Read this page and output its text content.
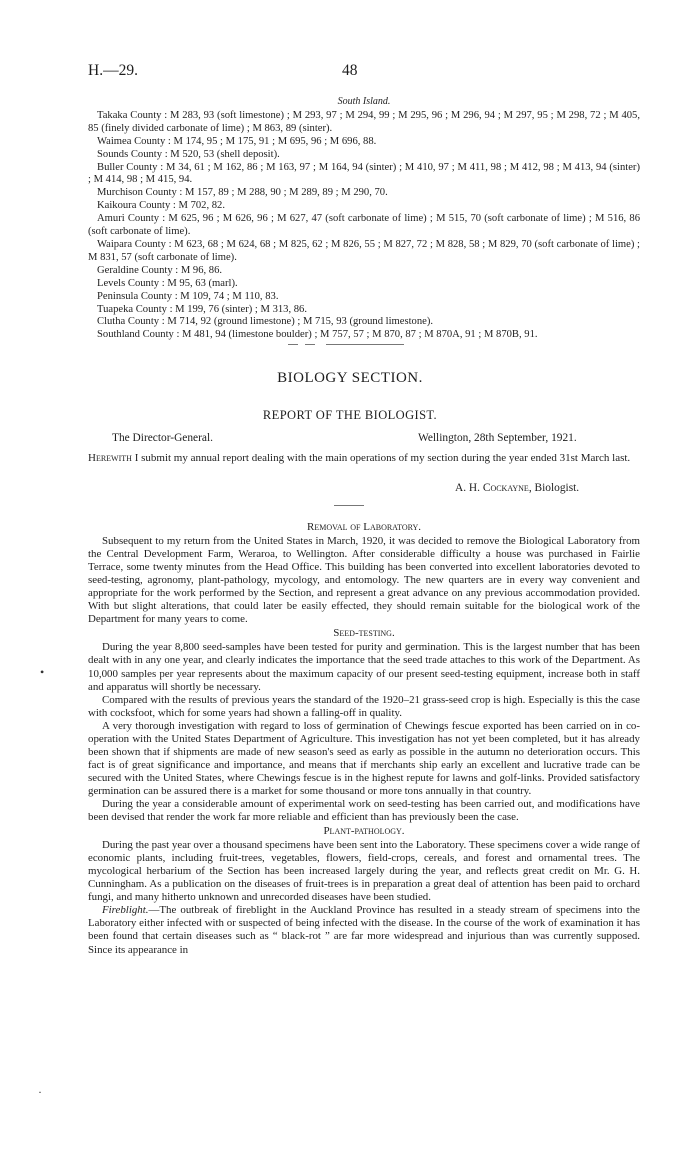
H.—29.	48
South Island.

Takaka County : M 283, 93 (soft limestone) ; M 293, 97 ; M 294, 99 ; M 295, 96 ; M 296, 94 ; M 297, 95 ; M 298, 72 ; M 405, 85 (finely divided carbonate of lime) ; M 863, 89 (sinter).

Waimea County : M 174, 95 ; M 175, 91 ; M 695, 96 ; M 696, 88.

Sounds County : M 520, 53 (shell deposit).

Buller County : M 34, 61 ; M 162, 86 ; M 163, 97 ; M 164, 94 (sinter) ; M 410, 97 ; M 411, 98 ; M 412, 98 ; M 413, 94 (sinter) ; M 414, 98 ; M 415, 94.

Murchison County : M 157, 89 ; M 288, 90 ; M 289, 89 ; M 290, 70.

Kaikoura County : M 702, 82.

Amuri County : M 625, 96 ; M 626, 96 ; M 627, 47 (soft carbonate of lime) ; M 515, 70 (soft carbonate of lime) ; M 516, 86 (soft carbonate of lime).

Waipara County : M 623, 68 ; M 624, 68 ; M 825, 62 ; M 826, 55 ; M 827, 72 ; M 828, 58 ; M 829, 70 (soft carbonate of lime) ; M 831, 57 (soft carbonate of lime).

Geraldine County : M 96, 86.

Levels County : M 95, 63 (marl).

Peninsula County : M 109, 74 ; M 110, 83.

Tuapeka County : M 199, 76 (sinter) ; M 313, 86.

Clutha County : M 714, 92 (ground limestone) ; M 715, 93 (ground limestone).

Southland County : M 481, 94 (limestone boulder) ; M 757, 57 ; M 870, 87 ; M 870A, 91 ; M 870B, 91.

BIOLOGY SECTION.
REPORT OF THE BIOLOGIST.
The Director-General.	Wellington, 28th September, 1921.

Herewith I submit my annual report dealing with the main operations of my section during the year ended 31st March last.

A. H. Cockayne, Biologist.
Removal of Laboratory.

Subsequent to my return from the United States in March, 1920, it was decided to remove the Biological Laboratory from the Central Development Farm, Weraroa, to Wellington. After considerable difficulty a house was purchased in Fairlie Terrace, some twenty minutes from the Head Office. This building has been converted into excellent laboratories devoted to seed-testing, agronomy, plant-pathology, mycology, and entomology. The new quarters are in every way convenient and appropriate for the work performed by the Section, and represent a great advance on any previous accommodation provided. With but slight alterations, that could later be easily effected, they should remain suitable for the biological work of the Department for many years to come.

Seed-testing.

During the year 8,800 seed-samples have been tested for purity and germination. This is the largest number that has been dealt with in any one year, and clearly indicates the importance that the seed trade attaches to this work of the Department. As 10,000 samples per year represents about the maximum capacity of our present seed-testing equipment, increase both in staff and apparatus will shortly be necessary.

Compared with the results of previous years the standard of the 1920–21 grass-seed crop is high. Especially is this the case with cocksfoot, which for some years had shown a falling-off in quality.

A very thorough investigation with regard to loss of germination of Chewings fescue exported has been carried on in co-operation with the United States Department of Agriculture. This investigation has not yet been completed, but it has already been shown that if shipments are made of new season's seed as early as possible in the autumn no deterioration occurs. This fact is of great significance and importance, and means that if merchants ship early an excellent and lucrative trade can be secured with the United States, where Chewings fescue is in the highest repute for lawns and golf-links. Provided satisfactory germination can be assured there is a market for some thousand or more tons annually in that country.

During the year a considerable amount of experimental work on seed-testing has been carried out, and modifications have been devised that render the work far more reliable and efficient than has previously been the case.

Plant-pathology.

During the past year over a thousand specimens have been sent into the Laboratory. These specimens cover a wide range of economic plants, including fruit-trees, vegetables, flowers, field-crops, cereals, and forest and ornamental trees. The mycological herbarium of the Section has been increased largely during the year, and reflects great credit on Mr. G. H. Cunningham. As a publication on the diseases of fruit-trees is in preparation a great deal of attention has been paid to orchard fungi, and many hitherto unknown and unrecorded diseases have been studied.

Fireblight.—The outbreak of fireblight in the Auckland Province has resulted in a steady stream of specimens into the Laboratory either infected with or suspected of being infected with the disease. In the course of the work of examination it has been found that certain diseases such as “ black-rot ” are far more widespread and injurious than was currently supposed. Since its appearance in

•
·
